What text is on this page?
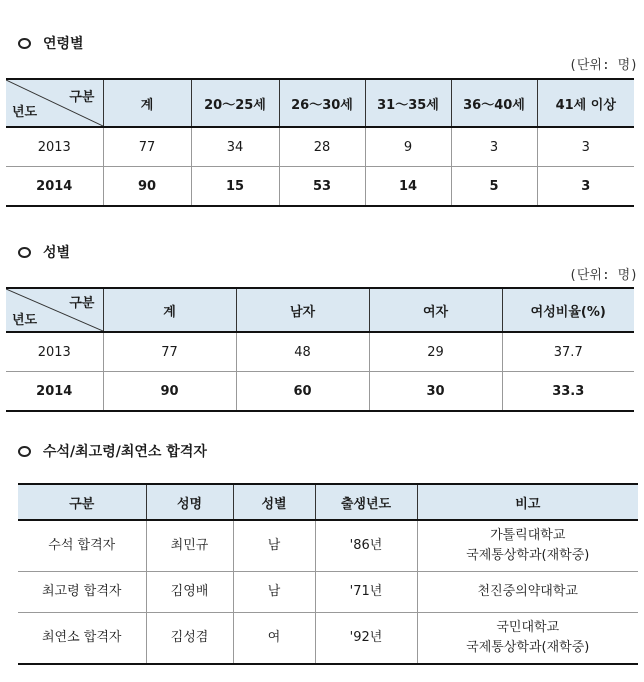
연령별
(단위: 명)
구분
년도	계	20～25세	26～30세	31～35세	36～40세	41세 이상
2013	77	34	28	9	3	3
2014	90	15	53	14	5	3
성별
(단위: 명)
구분
년도	계	남자	여자	여성비율(%)
2013	77	48	29	37.7
2014	90	60	30	33.3
수석/최고령/최연소 합격자
구분	성명	성별	출생년도	비고
수석 합격자	최민규	남	'86년	가톨릭대학교
국제통상학과(재학중)

최고령 합격자	김영배	남	'71년	천진중의약대학교

최연소 합격자	김성겸	여	'92년	국민대학교
국제통상학과(재학중)
